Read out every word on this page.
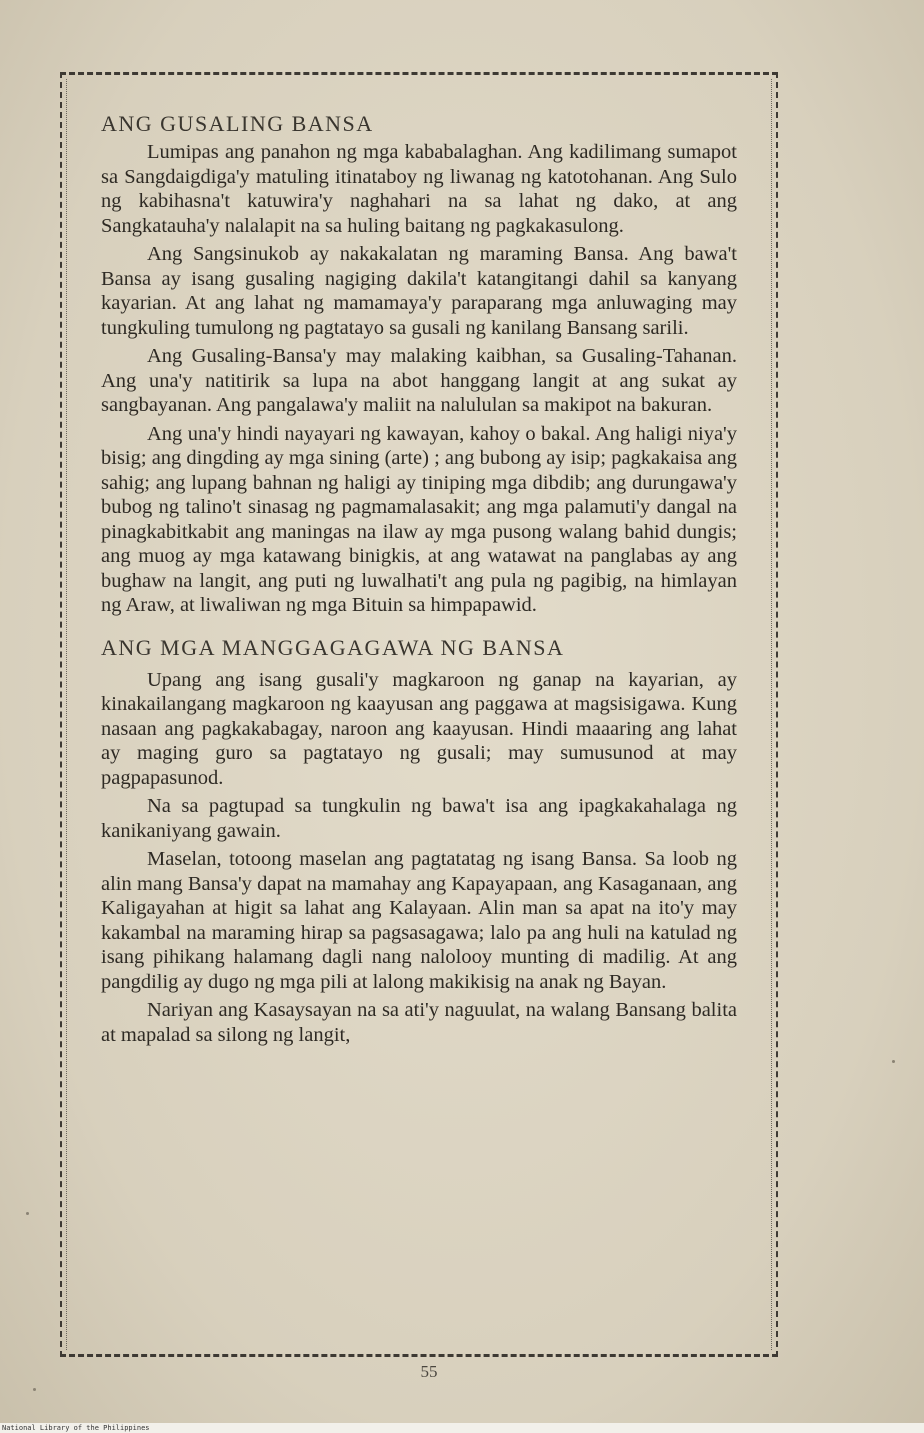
ANG GUSALING BANSA

Lumipas ang panahon ng mga kababalaghan. Ang kadilimang sumapot sa Sangdaigdiga'y matuling itinataboy ng liwanag ng katotohanan. Ang Sulo ng kabihasna't katuwira'y naghahari na sa lahat ng dako, at ang Sangkatauha'y nalalapit na sa huling baitang ng pagkakasulong.

Ang Sangsinukob ay nakakalatan ng maraming Bansa. Ang bawa't Bansa ay isang gusaling nagiging dakila't katangitangi dahil sa kanyang kayarian. At ang lahat ng mamamaya'y paraparang mga anluwaging may tungkuling tumulong ng pagtatayo sa gusali ng kanilang Bansang sarili.

Ang Gusaling-Bansa'y may malaking kaibhan, sa Gusaling-Tahanan. Ang una'y natitirik sa lupa na abot hanggang langit at ang sukat ay sangbayanan. Ang pangalawa'y maliit na nalululan sa makipot na bakuran.

Ang una'y hindi nayayari ng kawayan, kahoy o bakal. Ang haligi niya'y bisig; ang dingding ay mga sining (arte) ; ang bubong ay isip; pagkakaisa ang sahig; ang lupang bahnan ng haligi ay tiniping mga dibdib; ang durungawa'y bubog ng talino't sinasag ng pagmamalasakit; ang mga palamuti'y dangal na pinagkabitkabit ang maningas na ilaw ay mga pusong walang bahid dungis; ang muog ay mga katawang binigkis, at ang watawat na panglabas ay ang bughaw na langit, ang puti ng luwalhati't ang pula ng pagibig, na himlayan ng Araw, at liwaliwan ng mga Bituin sa himpapawid.

ANG MGA MANGGAGAGAWA NG BANSA

Upang ang isang gusali'y magkaroon ng ganap na kayarian, ay kinakailangang magkaroon ng kaayusan ang paggawa at magsisigawa. Kung nasaan ang pagkakabagay, naroon ang kaayusan. Hindi maaaring ang lahat ay maging guro sa pagtatayo ng gusali; may sumusunod at may pagpapasunod.

Na sa pagtupad sa tungkulin ng bawa't isa ang ipagkakahalaga ng kanikaniyang gawain.

Maselan, totoong maselan ang pagtatatag ng isang Bansa. Sa loob ng alin mang Bansa'y dapat na mamahay ang Kapayapaan, ang Kasaganaan, ang Kaligayahan at higit sa lahat ang Kalayaan. Alin man sa apat na ito'y may kakambal na maraming hirap sa pagsasagawa; lalo pa ang huli na katulad ng isang pihikang halamang dagli nang nalolooy munting di madilig. At ang pangdilig ay dugo ng mga pili at lalong makikisig na anak ng Bayan.

Nariyan ang Kasaysayan na sa ati'y naguulat, na walang Bansang balita at mapalad sa silong ng langit,

55
National Library of the Philippines
